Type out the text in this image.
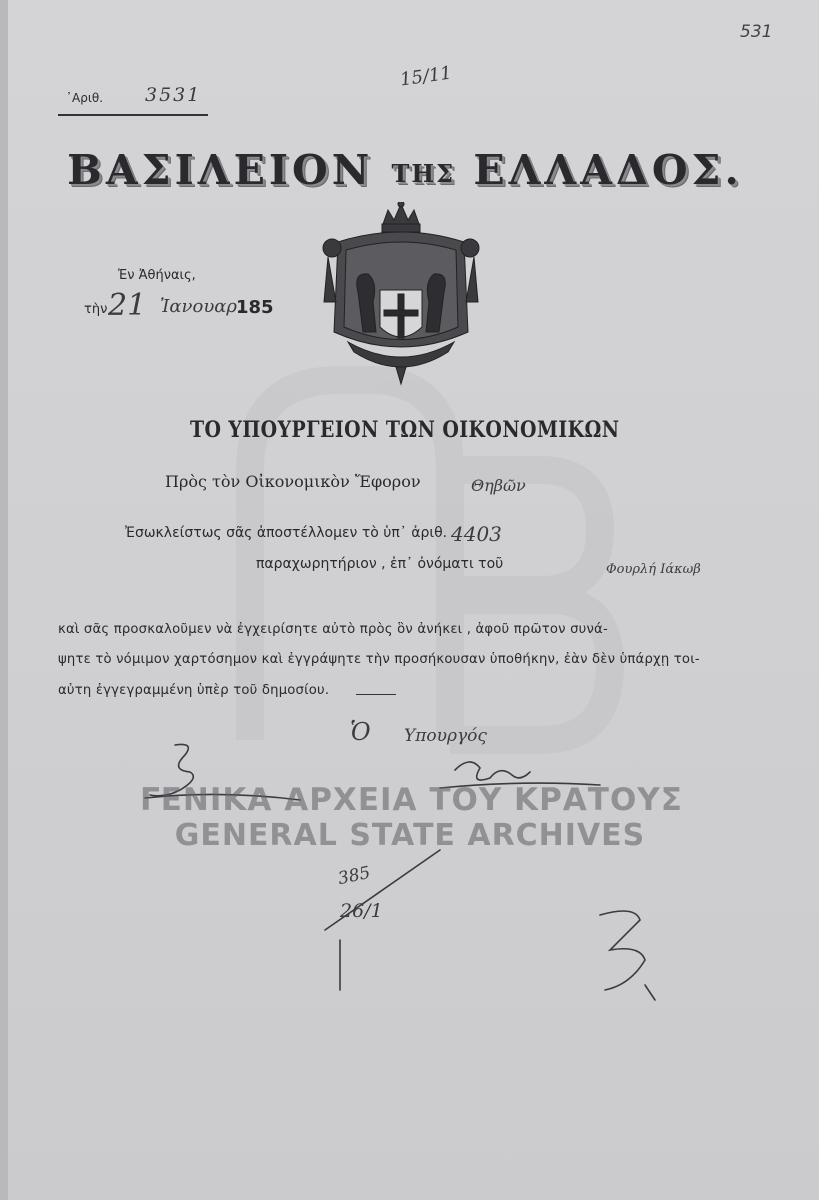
531
᾽Αριθ. 3531
15/11
ΒΑΣΙΛΕΙΟΝ ΤΗΣ ΕΛΛΑΔΟΣ.
Ἐν Ἀθήναις,
τὴν 21 Ἰανουαρ.
185
ΤΟ ΥΠΟΥΡΓΕΙΟΝ ΤΩΝ ΟΙΚΟΝΟΜΙΚΩΝ
Πρὸς τὸν Οἰκονομικὸν Ἔφορον	Θηβῶν
Ἐσωκλείστως σᾶς ἀποστέλλομεν τὸ ὑπ᾽ ἀριθ. 4403
παραχωρητήριον , ἐπ᾽ ὀνόματι τοῦ	Φουρλή Ιάκωβ
καὶ σᾶς προσκαλοῦμεν νὰ ἐγχειρίσητε αὐτὸ πρὸς ὃν ἀνήκει , ἀφοῦ πρῶτον συνά-
ψητε τὸ νόμιμον χαρτόσημον καὶ ἐγγράψητε τὴν προσήκουσαν ὑποθήκην, ἐὰν δὲν ὑπάρχῃ τοι-
αὐτη ἐγγεγραμμένη ὑπὲρ τοῦ δημοσίου.
Ὁ Υπουργός
ΓΕΝΙΚΑ ΑΡΧΕΙΑ ΤΟΥ ΚΡΑΤΟΥΣ
GENERAL STATE ARCHIVES
385
26/1
